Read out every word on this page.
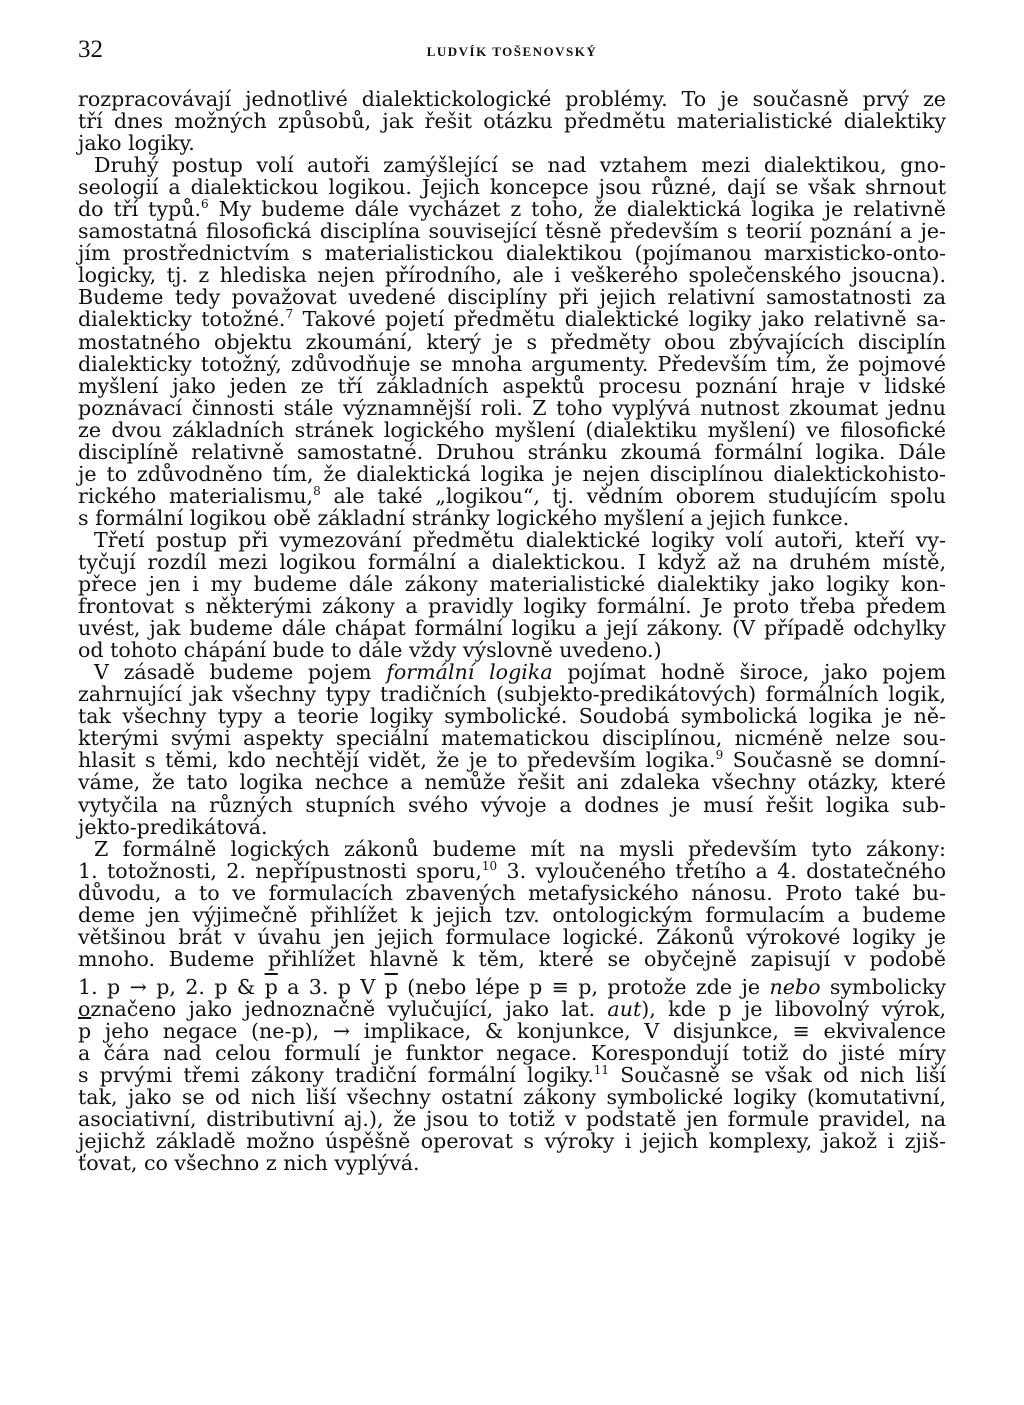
32	LUDVÍK TOŠENOVSKÝ
rozpracovávají jednotlivé dialektickologické problémy. To je současně prvý ze
tří dnes možných způsobů, jak řešit otázku předmětu materialistické dialektiky
jako logiky.
Druhý postup volí autoři zamýšlející se nad vztahem mezi dialektikou, gno-
seologií a dialektickou logikou. Jejich koncepce jsou různé, dají se však shrnout
do tří typů.$^6$ My budeme dále vycházet z toho, že dialektická logika je relativně
samostatná filosofická disciplína související těsně především s teorií poznání a je-
jím prostřednictvím s materialistickou dialektikou (pojímanou marxisticko-onto-
logicky, tj. z hlediska nejen přírodního, ale i veškerého společenského jsoucna).
Budeme tedy považovat uvedené disciplíny při jejich relativní samostatnosti za
dialekticky totožné.$^7$ Takové pojetí předmětu dialektické logiky jako relativně sa-
mostatného objektu zkoumání, který je s předměty obou zbývajících disciplín
dialekticky totožný, zdůvodňuje se mnoha argumenty. Především tím, že pojmové
myšlení jako jeden ze tří základních aspektů procesu poznání hraje v lidské
poznávací činnosti stále významnější roli. Z toho vyplývá nutnost zkoumat jednu
ze dvou základních stránek logického myšlení (dialektiku myšlení) ve filosofické
disciplíně relativně samostatné. Druhou stránku zkoumá formální logika. Dále
je to zdůvodněno tím, že dialektická logika je nejen disciplínou dialektickohisto-
rického materialismu,$^8$ ale také „logikou“, tj. vědním oborem studujícím spolu
s formální logikou obě základní stránky logického myšlení a jejich funkce.
Třetí postup při vymezování předmětu dialektické logiky volí autoři, kteří vy-
tyčují rozdíl mezi logikou formální a dialektickou. I když až na druhém místě,
přece jen i my budeme dále zákony materialistické dialektiky jako logiky kon-
frontovat s některými zákony a pravidly logiky formální. Je proto třeba předem
uvést, jak budeme dále chápat formální logiku a její zákony. (V případě odchylky
od tohoto chápání bude to dále vždy výslovně uvedeno.)
V zásadě budeme pojem formální logika pojímat hodně široce, jako pojem
zahrnující jak všechny typy tradičních (subjekto-predikátových) formálních logik,
tak všechny typy a teorie logiky symbolické. Soudobá symbolická logika je ně-
kterými svými aspekty speciální matematickou disciplínou, nicméně nelze sou-
hlasit s těmi, kdo nechtějí vidět, že je to především logika.$^9$ Současně se domní-
váme, že tato logika nechce a nemůže řešit ani zdaleka všechny otázky, které
vytyčila na různých stupních svého vývoje a dodnes je musí řešit logika sub-
jekto-predikátová.
Z formálně logických zákonů budeme mít na mysli především tyto zákony:
1. totožnosti, 2. nepřípustnosti sporu,$^{10}$ 3. vyloučeného třetího a 4. dostatečného
důvodu, a to ve formulacích zbavených metafysického nánosu. Proto také bu-
deme jen výjimečně přihlížet k jejich tzv. ontologickým formulacím a budeme
většinou brát v úvahu jen jejich formulace logické. Zákonů výrokové logiky je
mnoho. Budeme přihlížet hlavně k těm, které se obyčejně zapisují v podobě
1. p → p, 2. p & $\overline{p}$ a 3. p V $\overline{p}$ (nebo lépe p ≡ p, protože zde je nebo symbolicky
označeno jako jednoznačně vylučující, jako lat. aut), kde p je libovolný výrok,
$\overline{p}$ jeho negace (ne-p), → implikace, & konjunkce, V disjunkce, ≡ ekvivalence
a čára nad celou formulí je funktor negace. Korespondují totiž do jisté míry
s prvými třemi zákony tradiční formální logiky.$^{11}$ Současně se však od nich liší
tak, jako se od nich liší všechny ostatní zákony symbolické logiky (komutativní,
asociativní, distributivní aj.), že jsou to totiž v podstatě jen formule pravidel, na
jejichž základě možno úspěšně operovat s výroky i jejich komplexy, jakož i zjiš-
ťovat, co všechno z nich vyplývá.
